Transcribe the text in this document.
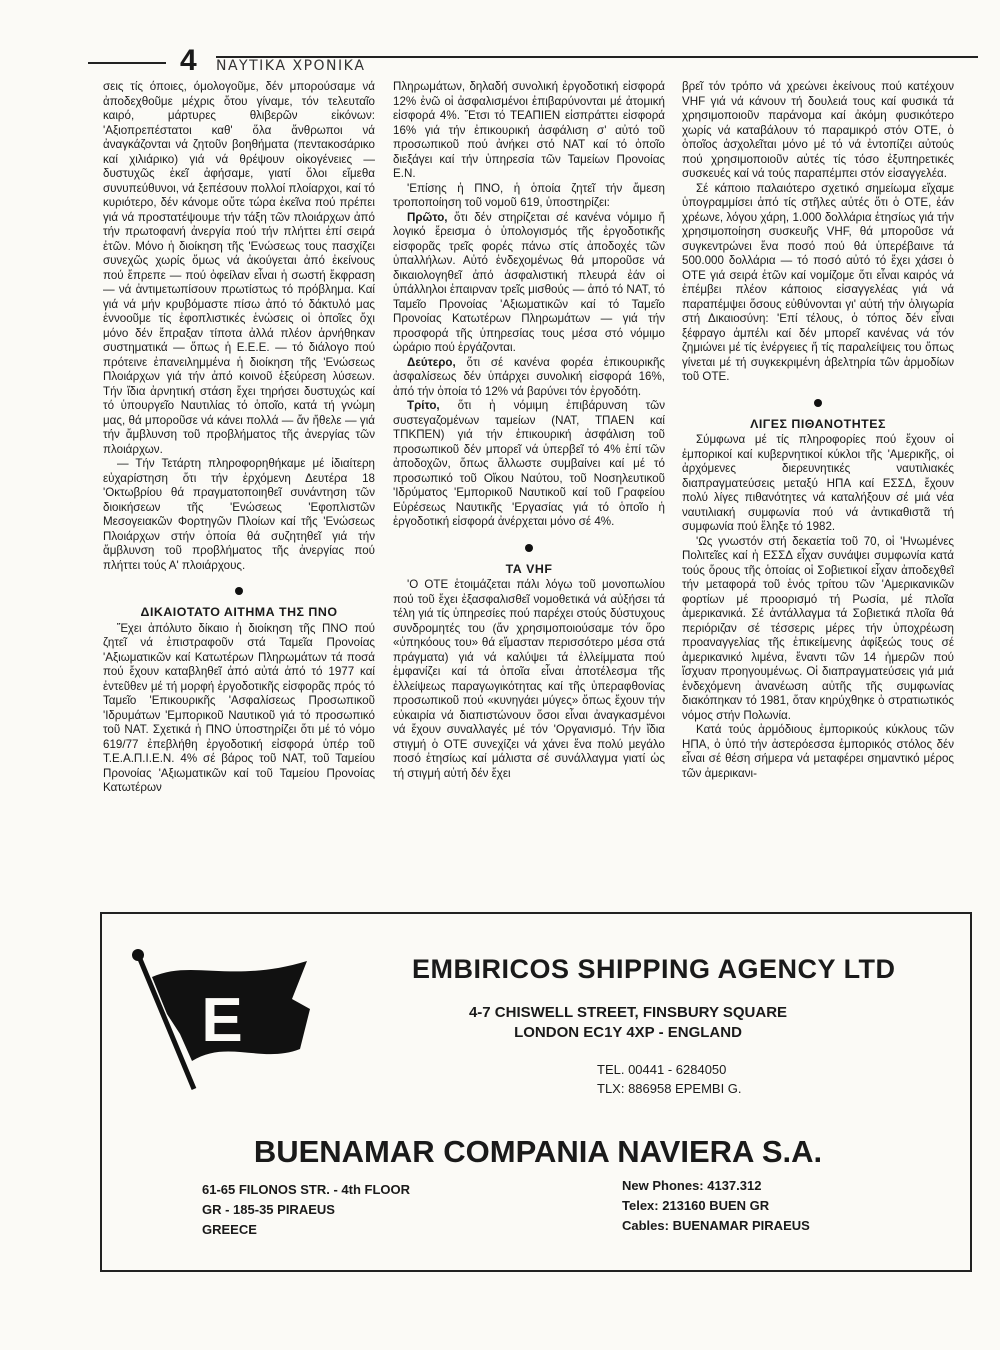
4 ΝΑΥΤΙΚΑ ΧΡΟΝΙΚΑ

σεις τίς όποιες, όμολογοῦμε, δέν μπορούσαμε νά ἀποδεχθοῦμε μέχρις ὅτου γίναμε, τόν τελευταῖο καιρό, μάρτυρες θλιβερῶν εἰκόνων: 'Αξιοπρεπέστατοι καθ' ὅλα ἄνθρωποι νά ἀναγκάζονται νά ζητοῦν βοηθήματα (πεντακοσάρικο καί χιλιάρικο) γιά νά θρέψουν οἰκογένειες — δυστυχῶς ἐκεῖ ἀφήσαμε, γιατί ὅλοι εἴμεθα συνυπεύθυνοι, νά ξεπέσουν πολλοί πλοίαρχοι, καί τό κυριότερο, δέν κάνομε οὔτε τώρα ἐκεῖνα πού πρέπει γιά νά προστατέψουμε τήν τάξη τῶν πλοιάρχων ἀπό τήν πρωτοφανή ἀνεργία πού τήν πλήττει ἐπί σειρά ἐτῶν. Μόνο ἡ διοίκηση τῆς 'Ενώσεως τους πασχίζει συνεχῶς χωρίς ὅμως νά ἀκούγεται ἀπό ἐκείνους πού ἔπρεπε — πού ὀφείλαν εἶναι ἡ σωστή ἔκφραση — νά ἀντιμετωπίσουν πρωτίστως τό πρόβλημα. Καί γιά νά μήν κρυβόμαστε πίσω ἀπό τό δάκτυλό μας ἐννοοῦμε τίς ἐφοπλιστικές ἑνώσεις οἱ ὁποῖες ὄχι μόνο δέν ἔπραξαν τίποτα ἀλλά πλέον ἀρνήθηκαν συστηματικά — ὅπως ἡ Ε.Ε.Ε. — τό διάλογο πού πρότεινε ἐπανειλημμένα ἡ διοίκηση τῆς 'Ενώσεως Πλοιάρχων γιά τήν ἀπό κοινοῦ ἐξεύρεση λύσεων. Τήν ἴδια ἀρνητική στάση ἔχει τηρήσει δυστυχώς καί τό ὑπουργεῖο Ναυτιλίας τό ὁποῖο, κατά τή γνώμη μας, θά μποροῦσε νά κάνει πολλά — ἄν ἤθελε — γιά τήν ἄμβλυνση τοῦ προβλήματος τῆς ἀνεργίας τῶν πλοιάρχων.

— Τήν Τετάρτη πληροφορηθήκαμε μέ ἰδιαίτερη εὐχαρίστηση ὅτι τήν ἐρχόμενη Δευτέρα 18 'Οκτωβρίου θά πραγματοποιηθεῖ συνάντηση τῶν διοικήσεων τῆς 'Ενώσεως 'Εφοπλιστῶν Μεσογειακῶν Φορτηγῶν Πλοίων καί τῆς 'Ενώσεως Πλοιάρχων στήν ὁποία θά συζητηθεῖ γιά τήν ἄμβλυνση τοῦ προβλήματος τῆς ἀνεργίας πού πλήττει τούς Α' πλοιάρχους.

ΔΙΚΑΙΟΤΑΤΟ ΑΙΤΗΜΑ ΤΗΣ ΠΝΟ

Ἔχει ἀπόλυτο δίκαιο ἡ διοίκηση τῆς ΠΝΟ πού ζητεῖ νά ἐπιστραφοῦν στά Ταμεῖα Προνοίας 'Αξιωματικῶν καί Κατωτέρων Πληρωμάτων τά ποσά πού ἔχουν καταβληθεῖ ἀπό αὐτά ἀπό τό 1977 καί ἐντεῦθεν μέ τή μορφή ἐργοδοτικῆς εἰσφορᾶς πρός τό Ταμεῖο 'Επικουρικῆς 'Ασφαλίσεως Προσωπικοῦ 'Ιδρυμάτων 'Εμπορικοῦ Ναυτικοῦ γιά τό προσωπικό τοῦ ΝΑΤ. Σχετικά ἡ ΠΝΟ ὑποστηρίζει ὅτι μέ τό νόμο 619/77 ἐπεβλήθη ἐργοδοτική εἰσφορά ὑπέρ τοῦ Τ.Ε.Α.Π.Ι.Ε.Ν. 4% σέ βάρος τοῦ ΝΑΤ, τοῦ Ταμείου Προνοίας 'Αξιωματικῶν καί τοῦ Ταμείου Προνοίας Κατωτέρων

Πληρωμάτων, δηλαδή συνολική ἐργοδοτική εἰσφορά 12% ἐνῶ οἱ ἀσφαλισμένοι ἐπιβαρύνονται μέ ἀτομική εἰσφορά 4%. Ἔτσι τό ΤΕΑΠΙΕΝ εἰσπράττει εἰσφορά 16% γιά τήν ἐπικουρική ἀσφάλιση σ' αὐτό τοῦ προσωπικοῦ πού ἀνήκει στό ΝΑΤ καί τό ὁποῖο διεξάγει καί τήν ὑπηρεσία τῶν Ταμείων Προνοίας Ε.Ν.

'Επίσης ἡ ΠΝΟ, ἡ ὁποία ζητεῖ τήν ἄμεση τροποποίηση τοῦ νομοῦ 619, ὑποστηρίζει:

Πρῶτο, ὅτι δέν στηρίζεται σέ κανένα νόμιμο ἤ λογικό ἔρεισμα ὁ ὑπολογισμός τῆς ἐργοδοτικῆς εἰσφορᾶς τρεῖς φορές πάνω στίς ἀποδοχές τῶν ὑπαλλήλων. Αὐτό ἐνδεχομένως θά μποροῦσε νά δικαιολογηθεῖ ἀπό ἀσφαλιστική πλευρά ἐάν οἱ ὑπάλληλοι ἐπαιρναν τρεῖς μισθούς — ἀπό τό ΝΑΤ, τό Ταμεῖο Προνοίας 'Αξιωματικῶν καί τό Ταμεῖο Προνοίας Κατωτέρων Πληρωμάτων — γιά τήν προσφορά τῆς ὑπηρεσίας τους μέσα στό νόμιμο ὠράριο πού ἐργάζονται.

Δεύτερο, ὅτι σέ κανένα φορέα ἐπικουρικῆς ἀσφαλίσεως δέν ὑπάρχει συνολική εἰσφορά 16%, ἀπό τήν ὁποία τό 12% νά βαρύνει τόν ἐργοδότη.

Τρίτο, ὅτι ἡ νόμιμη ἐπιβάρυνση τῶν συστεγαζομένων ταμείων (ΝΑΤ, ΤΠΑΕΝ καί ΤΠΚΠΕΝ) γιά τήν ἐπικουρική ἀσφάλιση τοῦ προσωπικοῦ δέν μπορεῖ νά ὑπερβεῖ τό 4% ἐπί τῶν ἀποδοχῶν, ὅπως ἄλλωστε συμβαίνει καί μέ τό προσωπικό τοῦ Οἴκου Ναύτου, τοῦ Νοσηλευτικοῦ 'Ιδρύματος 'Εμπορικοῦ Ναυτικοῦ καί τοῦ Γραφείου Εὑρέσεως Ναυτικῆς 'Εργασίας γιά τό ὁποῖο ἡ ἐργοδοτική εἰσφορά ἀνέρχεται μόνο σέ 4%.

ΤΑ VHF

'Ο ΟΤΕ ἑτοιμάζεται πάλι λόγω τοῦ μονοπωλίου πού τοῦ ἔχει ἐξασφαλισθεῖ νομοθετικά νά αὐξήσει τά τέλη γιά τίς ὑπηρεσίες πού παρέχει στούς δύστυχους συνδρομητές του (ἄν χρησιμοποιούσαμε τόν ὅρο «ὑπηκόους του» θά εἴμασταν περισσότερο μέσα στά πράγματα) γιά νά καλύψει τά ἐλλείμματα πού ἐμφανίζει καί τά ὁποῖα εἶναι ἀποτέλεσμα τῆς ἐλλείψεως παραγωγικότητας καί τῆς ὑπεραφθονίας προσωπικοῦ πού «κυνηγάει μύγες» ὅπως ἔχουν τήν εὐκαιρία νά διαπιστώνουν ὅσοι εἶναι ἀναγκασμένοι νά ἔχουν συναλλαγές μέ τόν 'Οργανισμό. Τήν ἴδια στιγμή ὁ ΟΤΕ συνεχίζει νά χάνει ἕνα πολύ μεγάλο ποσό ἐτησίως καί μάλιστα σέ συνάλλαγμα γιατί ὡς τή στιγμή αὐτή δέν ἔχει

βρεῖ τόν τρόπο νά χρεώνει ἐκείνους πού κατέχουν VHF γιά νά κάνουν τή δουλειά τους καί φυσικά τά χρησιμοποιοῦν παράνομα καί ἀκόμη φυσικότερο χωρίς νά καταβάλουν τό παραμικρό στόν ΟΤΕ, ὁ ὁποῖος ἀσχολεῖται μόνο μέ τό νά ἐντοπίζει αὐτούς πού χρησιμοποιοῦν αὐτές τίς τόσο ἐξυπηρετικές συσκευές καί νά τούς παραπέμπει στόν εἰσαγγελέα.

Σέ κάποιο παλαιότερο σχετικό σημείωμα εἴχαμε ὑπογραμμίσει ἀπό τίς στῆλες αὐτές ὅτι ὁ ΟΤΕ, ἐάν χρέωνε, λόγου χάρη, 1.000 δολλάρια ἐτησίως γιά τήν χρησιμοποίηση συσκευῆς VHF, θά μποροῦσε νά συγκεντρώνει ἕνα ποσό πού θά ὑπερέβαινε τά 500.000 δολλάρια — τό ποσό αὐτό τό ἔχει χάσει ὁ ΟΤΕ γιά σειρά ἐτῶν καί νομίζομε ὅτι εἶναι καιρός νά ἐπέμβει πλέον κάποιος εἰσαγγελέας γιά νά παραπέμψει ὅσους εὐθύνονται γι' αὐτή τήν ὀλιγωρία στή Δικαιοσύνη: 'Επί τέλους, ὁ τόπος δέν εἶναι ξέφραγο ἀμπέλι καί δέν μπορεῖ κανένας νά τόν ζημιώνει μέ τίς ἐνέργειες ἤ τίς παραλείψεις του ὅπως γίνεται μέ τή συγκεκριμένη ἀβελτηρία τῶν ἁρμοδίων τοῦ ΟΤΕ.

ΛΙΓΕΣ ΠΙΘΑΝΟΤΗΤΕΣ

Σύμφωνα μέ τίς πληροφορίες πού ἔχουν οἱ ἐμπορικοί καί κυβερνητικοί κύκλοι τῆς 'Αμερικῆς, οἱ ἀρχόμενες διερευνητικές ναυτιλιακές διαπραγματεύσεις μεταξύ ΗΠΑ καί ΕΣΣΔ, ἔχουν πολύ λίγες πιθανότητες νά καταλήξουν σέ μιά νέα ναυτιλιακή συμφωνία πού νά ἀντικαθιστᾶ τή συμφωνία πού ἔληξε τό 1982.

'Ως γνωστόν στή δεκαετία τοῦ 70, οἱ 'Ηνωμένες Πολιτεῖες καί ἡ ΕΣΣΔ εἶχαν συνάψει συμφωνία κατά τούς ὅρους τῆς ὁποίας οἱ Σοβιετικοί εἶχαν ἀποδεχθεῖ τήν μεταφορά τοῦ ἑνός τρίτου τῶν 'Αμερικανικῶν φορτίων μέ προορισμό τή Ρωσία, μέ πλοῖα ἀμερικανικά. Σέ ἀντάλλαγμα τά Σοβιετικά πλοῖα θά περιόριζαν σέ τέσσερις μέρες τήν ὑποχρέωση προαναγγελίας τῆς ἐπικείμενης ἀφίξεώς τους σέ ἀμερικανικό λιμένα, ἔναντι τῶν 14 ἡμερῶν πού ἴσχυαν προηγουμένως. Οἱ διαπραγματεύσεις γιά μιά ἐνδεχόμενη ἀνανέωση αὐτῆς τῆς συμφωνίας διακόπηκαν τό 1981, ὅταν κηρύχθηκε ὁ στρατιωτικός νόμος στήν Πολωνία.

Κατά τούς ἁρμόδιους ἐμπορικούς κύκλους τῶν ΗΠΑ, ὁ ὑπό τήν ἀστερόεσσα ἐμπορικός στόλος δέν εἶναι σέ θέση σήμερα νά μεταφέρει σημαντικό μέρος τῶν ἀμερικανι-

E
EMBIRICOS SHIPPING AGENCY LTD
4-7 CHISWELL STREET, FINSBURY SQUARE
LONDON EC1Y 4XP - ENGLAND
TEL. 00441 - 6284050
TLX: 886958 EPEMBI G.
BUENAMAR COMPANIA NAVIERA S.A.
61-65 FILONOS STR. - 4th FLOOR
GR - 185-35 PIRAEUS
GREECE
New Phones: 4137.312
Telex: 213160 BUEN GR
Cables: BUENAMAR PIRAEUS
